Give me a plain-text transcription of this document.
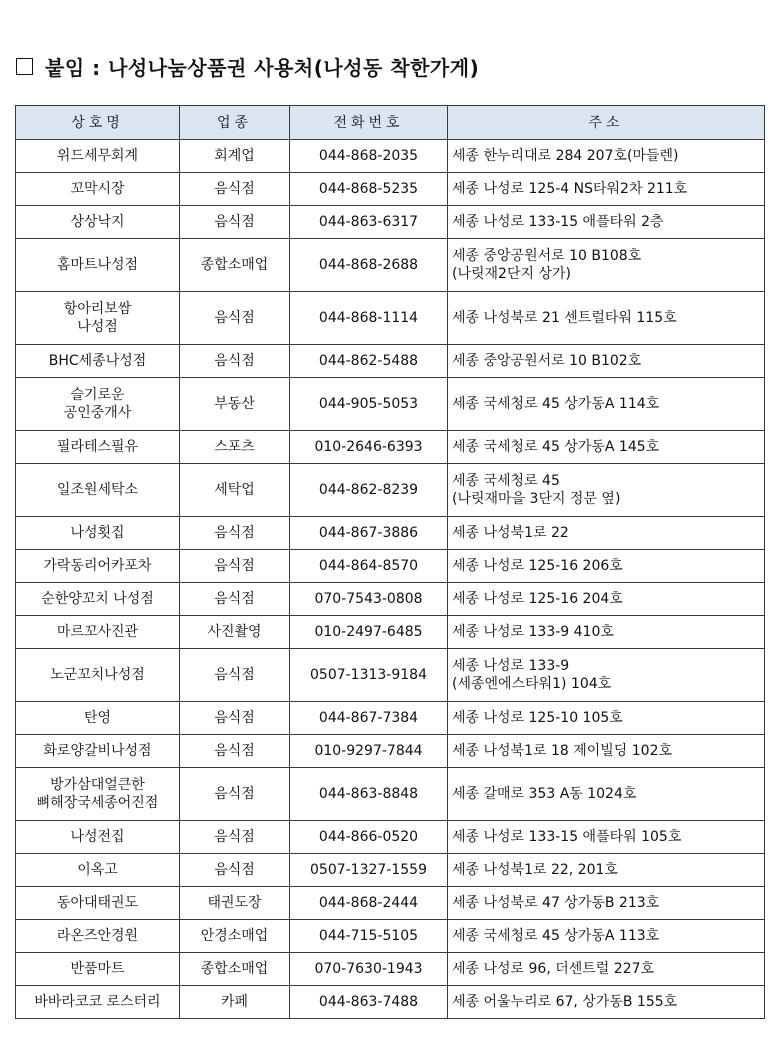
붙임 : 나성나눔상품권 사용처(나성동 착한가게)
상호명	업종	전화번호	주소
위드세무회계	회계업	044-868-2035	세종 한누리대로 284 207호(마들렌)
꼬막시장	음식점	044-868-5235	세종 나성로 125-4 NS타워2차 211호
상상낙지	음식점	044-863-6317	세종 나성로 133-15 애플타워 2층
홈마트나성점	종합소매업	044-868-2688	세종 중앙공원서로 10 B108호
(나릿재2단지 상가)
항아리보쌈
나성점	음식점	044-868-1114	세종 나성북로 21 센트럴타워 115호
BHC세종나성점	음식점	044-862-5488	세종 중앙공원서로 10 B102호
슬기로운
공인중개사	부동산	044-905-5053	세종 국세청로 45 상가동A 114호
필라테스필유	스포츠	010-2646-6393	세종 국세청로 45 상가동A 145호
일조원세탁소	세탁업	044-862-8239	세종 국세청로 45
(나릿재마을 3단지 정문 옆)
나성횟집	음식점	044-867-3886	세종 나성북1로 22
가락동리어카포차	음식점	044-864-8570	세종 나성로 125-16 206호
순한양꼬치 나성점	음식점	070-7543-0808	세종 나성로 125-16 204호
마르꼬사진관	사진촬영	010-2497-6485	세종 나성로 133-9 410호
노군꼬치나성점	음식점	0507-1313-9184	세종 나성로 133-9
(세종엔에스타워1) 104호
탄영	음식점	044-867-7384	세종 나성로 125-10 105호
화로양갈비나성점	음식점	010-9297-7844	세종 나성북1로 18 제이빌딩 102호
방가삼대얼큰한
뼈해장국세종어진점	음식점	044-863-8848	세종 갈매로 353 A동 1024호
나성전집	음식점	044-866-0520	세종 나성로 133-15 애플타워 105호
이옥고	음식점	0507-1327-1559	세종 나성북1로 22, 201호
동아대태권도	태권도장	044-868-2444	세종 나성북로 47 상가동B 213호
라온즈안경원	안경소매업	044-715-5105	세종 국세청로 45 상가동A 113호
반품마트	종합소매업	070-7630-1943	세종 나성로 96, 더센트럴 227호
바바라코코 로스터리	카페	044-863-7488	세종 어울누리로 67, 상가동B 155호
